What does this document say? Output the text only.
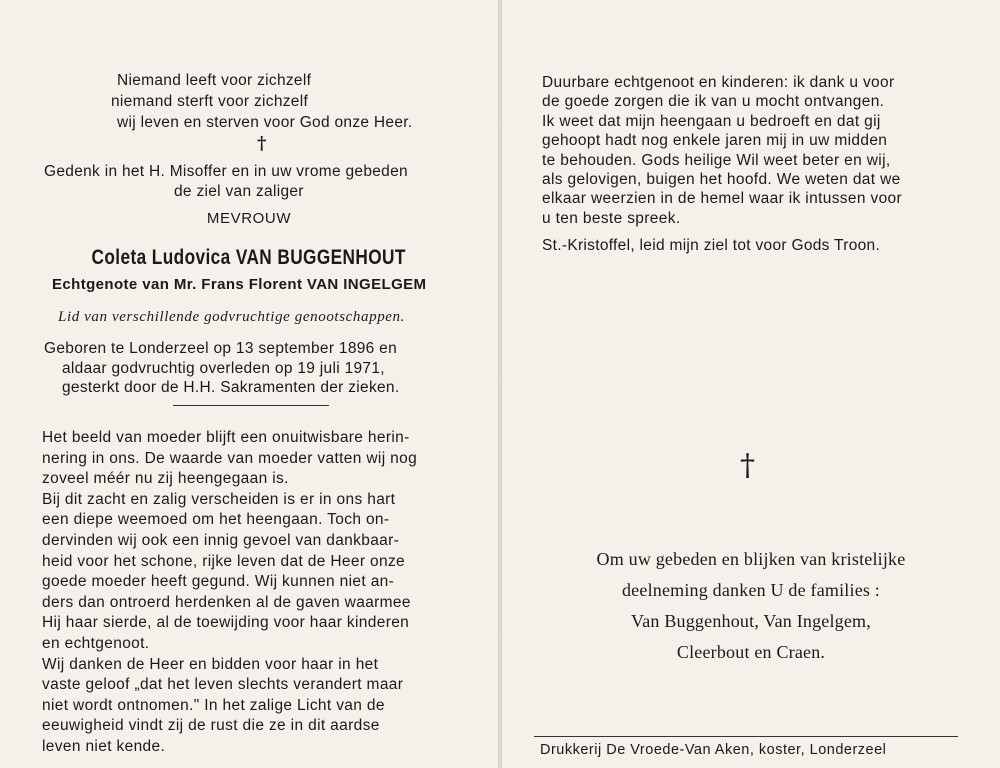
Niemand leeft voor zichzelf
niemand sterft voor zichzelf
wij leven en sterven voor God onze Heer.
†
Gedenk in het H. Misoffer en in uw vrome gebeden
de ziel van zaliger
MEVROUW
Coleta Ludovica VAN BUGGENHOUT
Echtgenote van Mr. Frans Florent VAN INGELGEM
Lid van verschillende godvruchtige genootschappen.
Geboren te Londerzeel op 13 september 1896 en
aldaar godvruchtig overleden op 19 juli 1971,
gesterkt door de H.H. Sakramenten der zieken.
Het beeld van moeder blijft een onuitwisbare herin-
nering in ons. De waarde van moeder vatten wij nog
zoveel méér nu zij heengegaan is.
Bij dit zacht en zalig verscheiden is er in ons hart
een diepe weemoed om het heengaan. Toch on-
dervinden wij ook een innig gevoel van dankbaar-
heid voor het schone, rijke leven dat de Heer onze
goede moeder heeft gegund. Wij kunnen niet an-
ders dan ontroerd herdenken al de gaven waarmee
Hij haar sierde, al de toewijding voor haar kinderen
en echtgenoot.
Wij danken de Heer en bidden voor haar in het
vaste geloof „dat het leven slechts verandert maar
niet wordt ontnomen." In het zalige Licht van de
eeuwigheid vindt zij de rust die ze in dit aardse
leven niet kende.
Duurbare echtgenoot en kinderen: ik dank u voor
de goede zorgen die ik van u mocht ontvangen.
Ik weet dat mijn heengaan u bedroeft en dat gij
gehoopt hadt nog enkele jaren mij in uw midden
te behouden. Gods heilige Wil weet beter en wij,
als gelovigen, buigen het hoofd. We weten dat we
elkaar weerzien in de hemel waar ik intussen voor
u ten beste spreek.
St.-Kristoffel, leid mijn ziel tot voor Gods Troon.
†
Om uw gebeden en blijken van kristelijke
deelneming danken U de families :
Van Buggenhout, Van Ingelgem,
Cleerbout en Craen.
Drukkerij De Vroede-Van Aken, koster, Londerzeel
